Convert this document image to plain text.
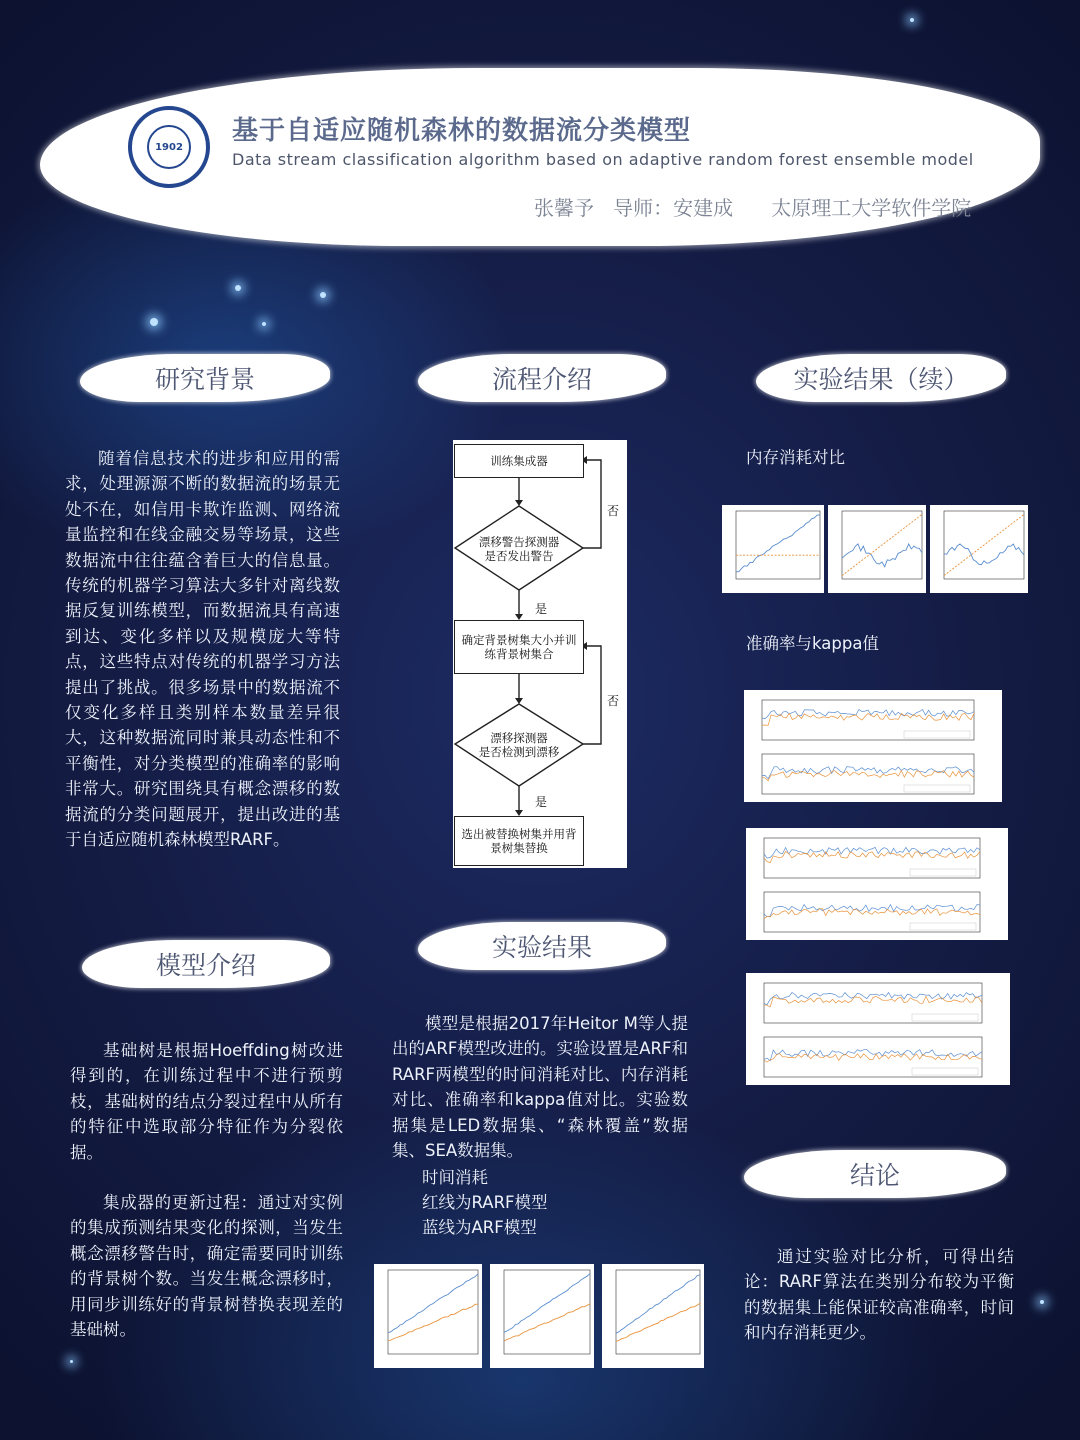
1902
基于自适应随机森林的数据流分类模型
Data stream classification algorithm based on adaptive random forest ensemble model
张馨予   导师：安建成      太原理工大学软件学院
研究背景

随着信息技术的进步和应用的需求，处理源源不断的数据流的场景无处不在，如信用卡欺诈监测、网络流量监控和在线金融交易等场景，这些数据流中往往蕴含着巨大的信息量。传统的机器学习算法大多针对离线数据反复训练模型，而数据流具有高速到达、变化多样以及规模庞大等特点，这些特点对传统的机器学习方法提出了挑战。很多场景中的数据流不仅变化多样且类别样本数量差异很大，这种数据流同时兼具动态性和不平衡性，对分类模型的准确率的影响非常大。研究围绕具有概念漂移的数据流的分类问题展开，提出改进的基于自适应随机森林模型RARF。

模型介绍

基础树是根据Hoeffding树改进得到的，在训练过程中不进行预剪枝，基础树的结点分裂过程中从所有的特征中选取部分特征作为分裂依据。

集成器的更新过程：通过对实例的集成预测结果变化的探测，当发生概念漂移警告时，确定需要同时训练的背景树个数。当发生概念漂移时，用同步训练好的背景树替换表现差的基础树。

流程介绍
训练集成器
漂移警告探测器
是否发出警告
确定背景树集大小并训
练背景树集合
漂移探测器
是否检测到漂移
选出被替换树集并用背
景树集替换
是
是
否
否
实验结果

模型是根据2017年Heitor M等人提出的ARF模型改进的。实验设置是ARF和RARF两模型的时间消耗对比、内存消耗对比、准确率和kappa值对比。实验数据集是LED数据集、“森林覆盖”数据集、SEA数据集。

时间消耗
红线为RARF模型
蓝线为ARF模型
实验结果（续）
内存消耗对比
准确率与kappa值
结论

通过实验对比分析，可得出结论：RARF算法在类别分布较为平衡的数据集上能保证较高准确率，时间和内存消耗更少。
